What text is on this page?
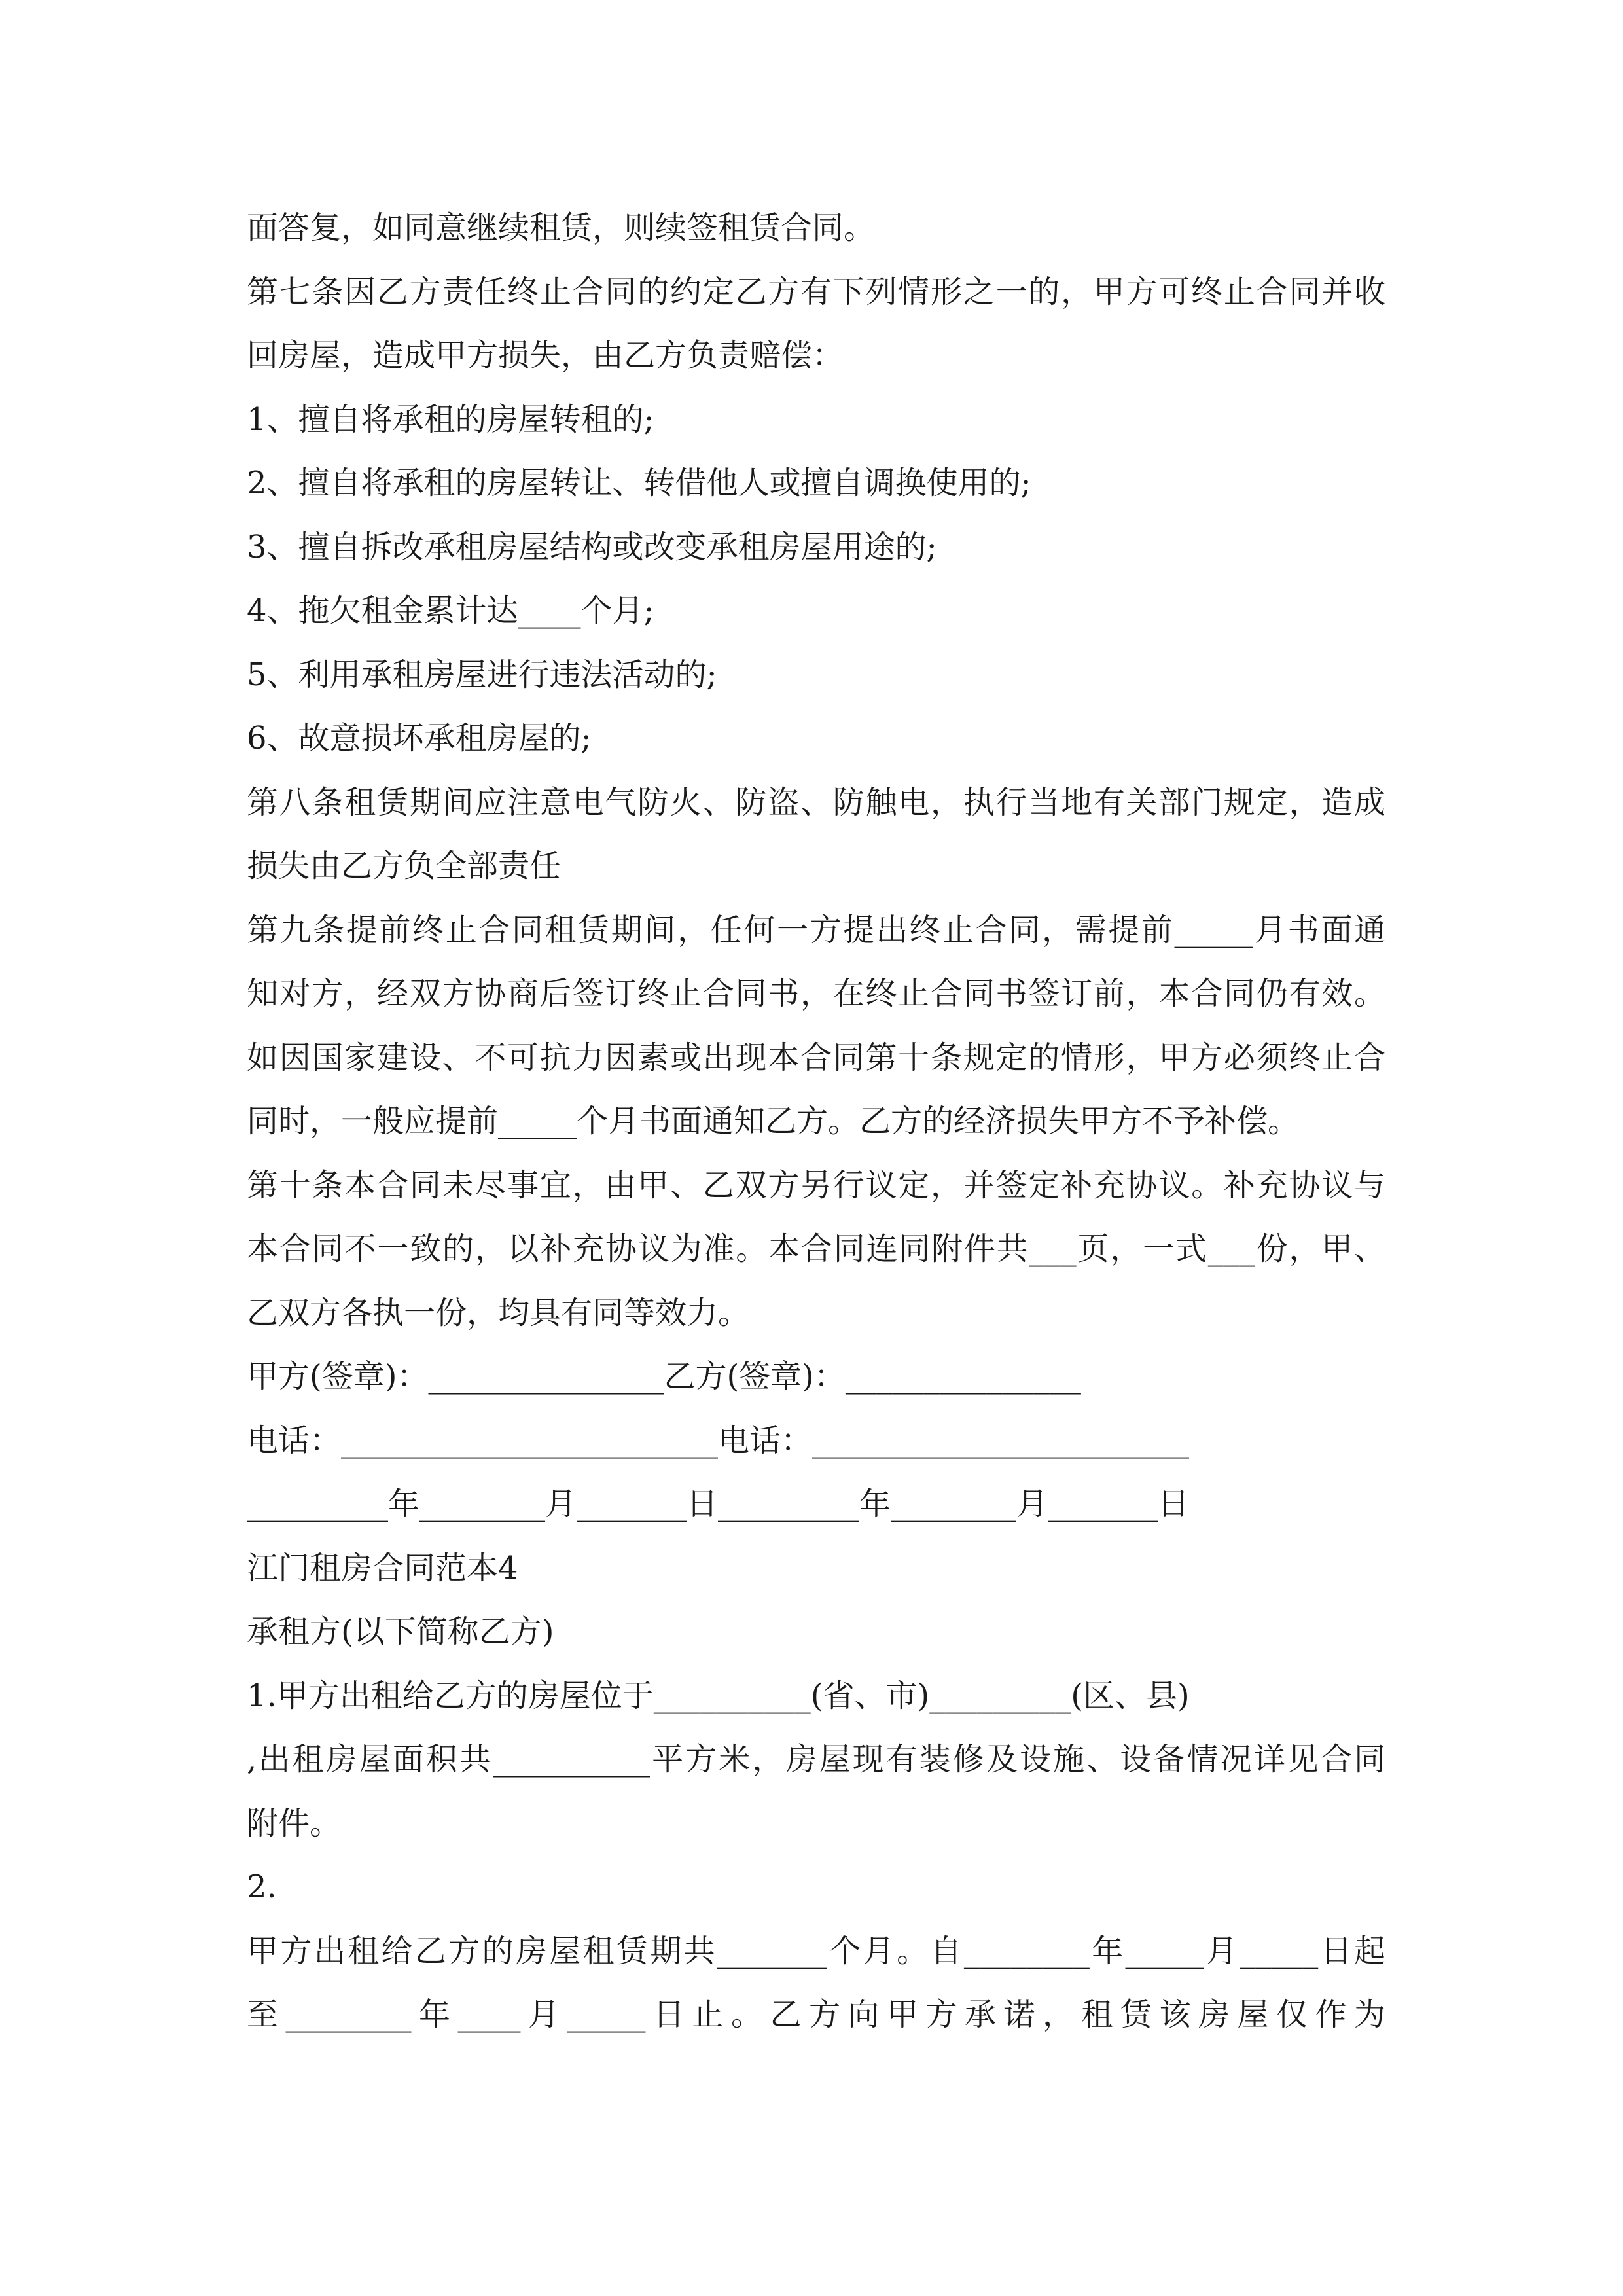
面答复，如同意继续租赁，则续签租赁合同。
第七条因乙方责任终止合同的约定乙方有下列情形之一的，甲方可终止合同并收
回房屋，造成甲方损失，由乙方负责赔偿：
1、擅自将承租的房屋转租的;
2、擅自将承租的房屋转让、转借他人或擅自调换使用的;
3、擅自拆改承租房屋结构或改变承租房屋用途的;
4、拖欠租金累计达____个月;
5、利用承租房屋进行违法活动的;
6、故意损坏承租房屋的;
第八条租赁期间应注意电气防火、防盗、防触电，执行当地有关部门规定，造成
损失由乙方负全部责任
第九条提前终止合同租赁期间，任何一方提出终止合同，需提前_____月书面通
知对方，经双方协商后签订终止合同书，在终止合同书签订前，本合同仍有效。
如因国家建设、不可抗力因素或出现本合同第十条规定的情形，甲方必须终止合
同时，一般应提前_____个月书面通知乙方。乙方的经济损失甲方不予补偿。
第十条本合同未尽事宜，由甲、乙双方另行议定，并签定补充协议。补充协议与
本合同不一致的，以补充协议为准。本合同连同附件共___页，一式___份，甲、
乙双方各执一份，均具有同等效力。
甲方(签章)：_______________乙方(签章)：_______________
电话：________________________电话：________________________
_________年________月_______日_________年________月_______日
江门租房合同范本4
承租方(以下简称乙方)
1.甲方出租给乙方的房屋位于__________(省、市)_________(区、县)
,出租房屋面积共__________平方米，房屋现有装修及设施、设备情况详见合同
附件。
2.
甲方出租给乙方的房屋租赁期共_______个月。自________年_____月_____日起
至________年____月_____日止。乙方向甲方承诺，租赁该房屋仅作为
